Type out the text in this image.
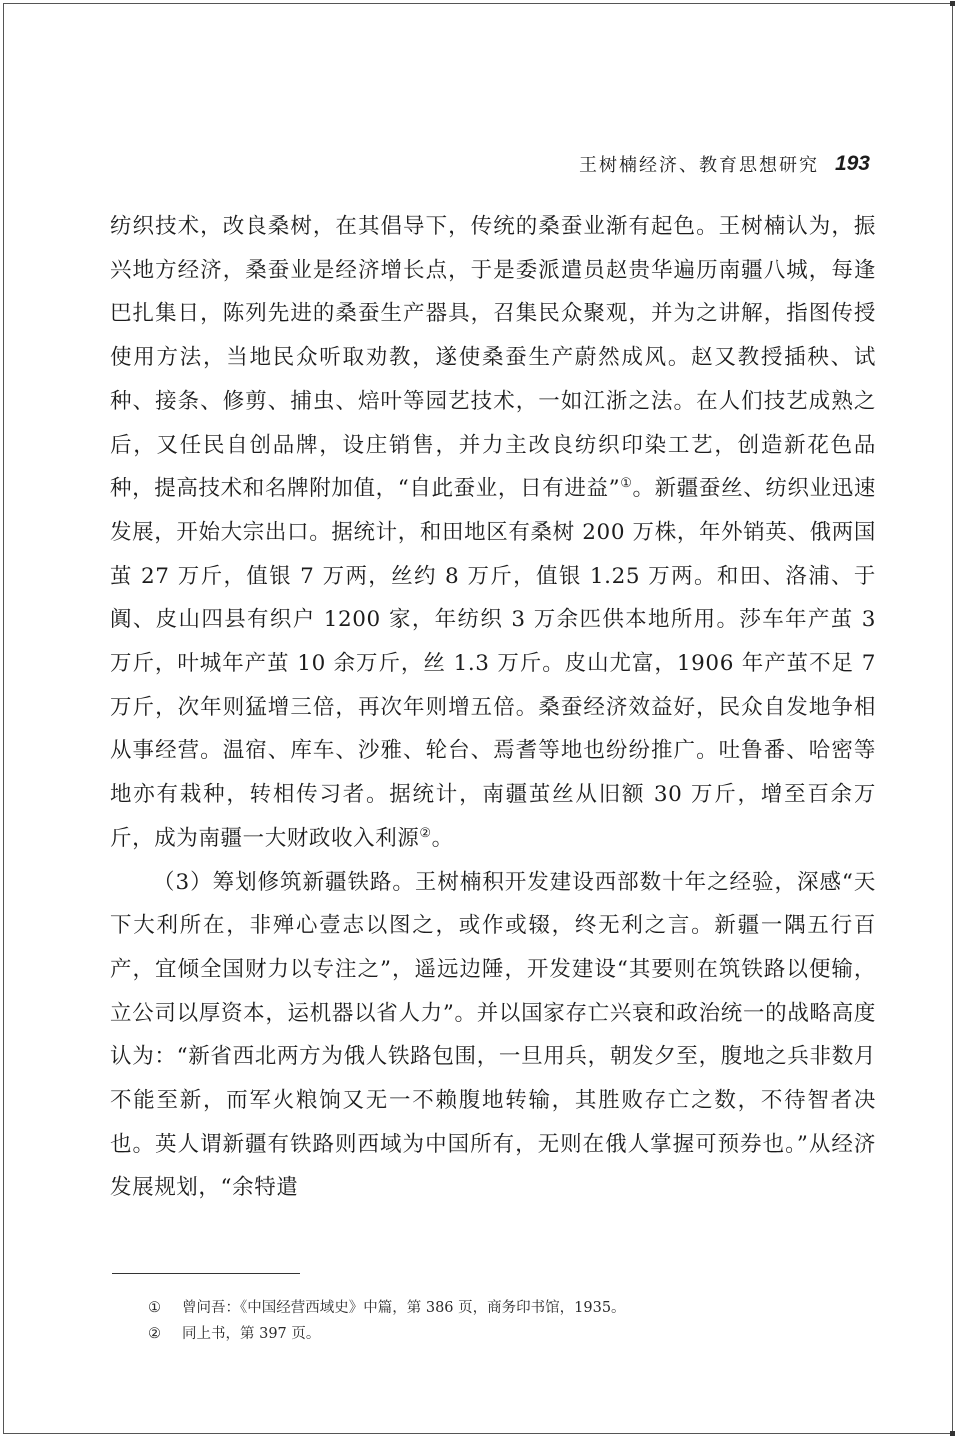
王树楠经济、教育思想研究 193

纺织技术，改良桑树，在其倡导下，传统的桑蚕业渐有起色。王树楠认为，振兴地方经济，桑蚕业是经济增长点，于是委派遣员赵贵华遍历南疆八城，每逢巴扎集日，陈列先进的桑蚕生产器具，召集民众聚观，并为之讲解，指图传授使用方法，当地民众听取劝教，遂使桑蚕生产蔚然成风。赵又教授插秧、试种、接条、修剪、捕虫、焙叶等园艺技术，一如江浙之法。在人们技艺成熟之后，又任民自创品牌，设庄销售，并力主改良纺织印染工艺，创造新花色品种，提高技术和名牌附加值，“自此蚕业，日有进益”①。新疆蚕丝、纺织业迅速发展，开始大宗出口。据统计，和田地区有桑树 200 万株，年外销英、俄两国茧 27 万斤，值银 7 万两，丝约 8 万斤，值银 1.25 万两。和田、洛浦、于阗、皮山四县有织户 1200 家，年纺织 3 万余匹供本地所用。莎车年产茧 3 万斤，叶城年产茧 10 余万斤，丝 1.3 万斤。皮山尤富，1906 年产茧不足 7 万斤，次年则猛增三倍，再次年则增五倍。桑蚕经济效益好，民众自发地争相从事经营。温宿、库车、沙雅、轮台、焉耆等地也纷纷推广。吐鲁番、哈密等地亦有栽种，转相传习者。据统计，南疆茧丝从旧额 30 万斤，增至百余万斤，成为南疆一大财政收入利源②。

（3）筹划修筑新疆铁路。王树楠积开发建设西部数十年之经验，深感“天下大利所在，非殚心壹志以图之，或作或辍，终无利之言。新疆一隅五行百产，宜倾全国财力以专注之”，遥远边陲，开发建设“其要则在筑铁路以便输，立公司以厚资本，运机器以省人力”。并以国家存亡兴衰和政治统一的战略高度认为：“新省西北两方为俄人铁路包围，一旦用兵，朝发夕至，腹地之兵非数月不能至新，而军火粮饷又无一不赖腹地转输，其胜败存亡之数，不待智者决也。英人谓新疆有铁路则西域为中国所有，无则在俄人掌握可预券也。”从经济发展规划，“余特遣

①	曾问吾：《中国经营西域史》中篇，第 386 页，商务印书馆，1935。
②	同上书，第 397 页。
